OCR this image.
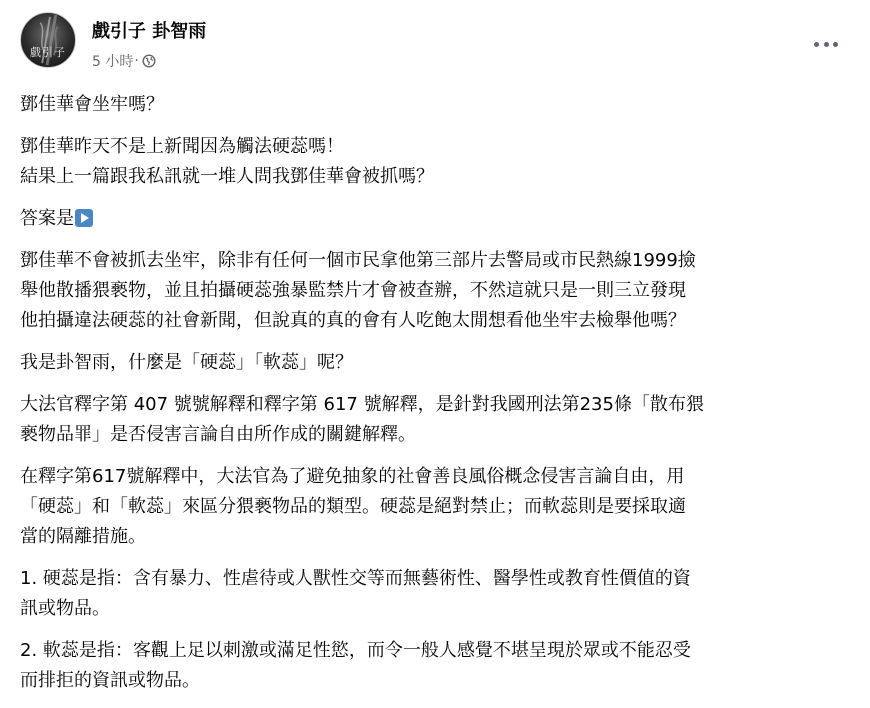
戲引子
戲引子 卦智雨
5 小時 ·
鄧佳華會坐牢嗎？
鄧佳華昨天不是上新聞因為觸法硬蕊嗎！
結果上一篇跟我私訊就一堆人問我鄧佳華會被抓嗎？
答案是
鄧佳華不會被抓去坐牢，除非有任何一個市民拿他第三部片去警局或市民熱線1999撿
舉他散播猥褻物，並且拍攝硬蕊強暴監禁片才會被查辦，不然這就只是一則三立發現
他拍攝違法硬蕊的社會新聞，但說真的真的會有人吃飽太閒想看他坐牢去檢舉他嗎？
我是卦智雨，什麼是「硬蕊」「軟蕊」呢？
大法官釋字第 407 號號解釋和釋字第 617 號解釋，是針對我國刑法第235條「散布猥
褻物品罪」是否侵害言論自由所作成的關鍵解釋。
在釋字第617號解釋中，大法官為了避免抽象的社會善良風俗概念侵害言論自由，用
「硬蕊」和「軟蕊」來區分猥褻物品的類型。硬蕊是絕對禁止；而軟蕊則是要採取適
當的隔離措施。
1. 硬蕊是指：含有暴力、性虐待或人獸性交等而無藝術性、醫學性或教育性價值的資
訊或物品。
2. 軟蕊是指：客觀上足以刺激或滿足性慾，而令一般人感覺不堪呈現於眾或不能忍受
而排拒的資訊或物品。
